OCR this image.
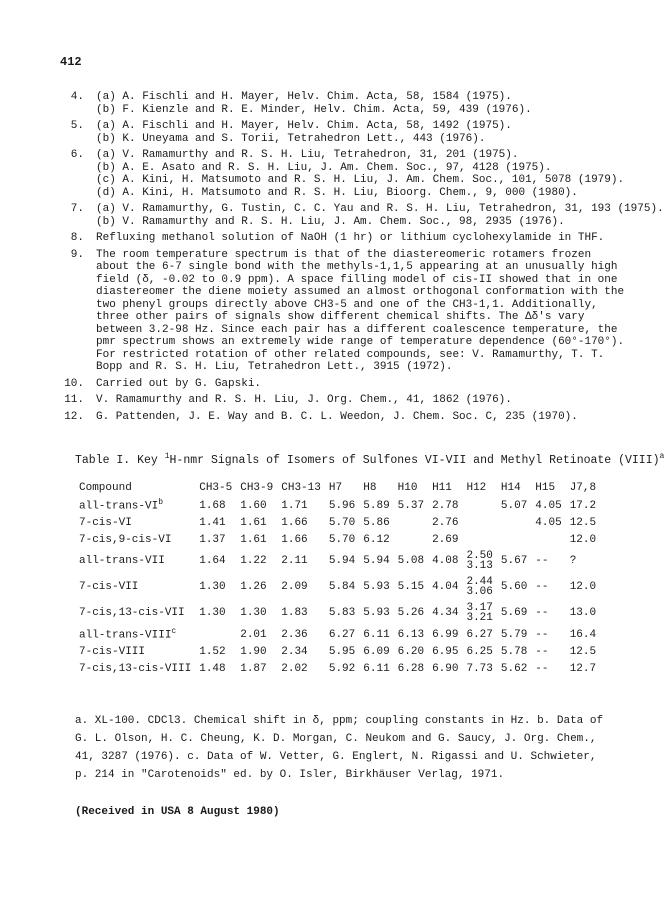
412
4.	(a) A. Fischli and H. Mayer, Helv. Chim. Acta, 58, 1584 (1975).
(b) F. Kienzle and R. E. Minder, Helv. Chim. Acta, 59, 439 (1976).
5.	(a) A. Fischli and H. Mayer, Helv. Chim. Acta, 58, 1492 (1975).
(b) K. Uneyama and S. Torii, Tetrahedron Lett., 443 (1976).
6.	(a) V. Ramamurthy and R. S. H. Liu, Tetrahedron, 31, 201 (1975).
(b) A. E. Asato and R. S. H. Liu, J. Am. Chem. Soc., 97, 4128 (1975).
(c) A. Kini, H. Matsumoto and R. S. H. Liu, J. Am. Chem. Soc., 101, 5078 (1979).
(d) A. Kini, H. Matsumoto and R. S. H. Liu, Bioorg. Chem., 9, 000 (1980).
7.	(a) V. Ramamurthy, G. Tustin, C. C. Yau and R. S. H. Liu, Tetrahedron, 31, 193 (1975).
(b) V. Ramamurthy and R. S. H. Liu, J. Am. Chem. Soc., 98, 2935 (1976).
8.	Refluxing methanol solution of NaOH (1 hr) or lithium cyclohexylamide in THF.
9.	The room temperature spectrum is that of the diastereomeric rotamers frozen about the 6-7 single bond with the methyls-1,1,5 appearing at an unusually high field (δ, -0.02 to 0.9 ppm). A space filling model of cis-II showed that in one diastereomer the diene moiety assumed an almost orthogonal conformation with the two phenyl groups directly above CH3-5 and one of the CH3-1,1. Additionally, three other pairs of signals show different chemical shifts. The Δδ's vary between 3.2-98 Hz. Since each pair has a different coalescence temperature, the pmr spectrum shows an extremely wide range of temperature dependence (60°-170°). For restricted rotation of other related compounds, see: V. Ramamurthy, T. T. Bopp and R. S. H. Liu, Tetrahedron Lett., 3915 (1972).
10.	Carried out by G. Gapski.
11.	V. Ramamurthy and R. S. H. Liu, J. Org. Chem., 41, 1862 (1976).
12.	G. Pattenden, J. E. Way and B. C. L. Weedon, J. Chem. Soc. C, 235 (1970).
Table I. Key $^1$H-nmr Signals of Isomers of Sulfones VI-VII and Methyl Retinoate (VIII)$^a$
Compound	CH3-5	CH3-9	CH3-13	H7	H8	H10	H11	H12	H14	H15	J7,8
all-$trans-VI^b$	1.68	1.60	1.71	5.96	5.89	5.37	2.78		5.07	4.05	17.2
7-cis-VI	1.41	1.61	1.66	5.70	5.86		2.76			4.05	12.5
7-cis,9-cis-VI	1.37	1.61	1.66	5.70	6.12		2.69				12.0
all-trans-VII	1.64	1.22	2.11	5.94	5.94	5.08	4.08	2.50
3.13	5.67	--	?
7-cis-VII	1.30	1.26	2.09	5.84	5.93	5.15	4.04	2.44
3.06	5.60	--	12.0
7-cis,13-cis-VII	1.30	1.30	1.83	5.83	5.93	5.26	4.34	3.17
3.21	5.69	--	13.0
all-trans-VIII$^c$		2.01	2.36	6.27	6.11	6.13	6.99	6.27	5.79	--	16.4
7-cis-VIII	1.52	1.90	2.34	5.95	6.09	6.20	6.95	6.25	5.78	--	12.5
7-cis,13-cis-VIII	1.48	1.87	2.02	5.92	6.11	6.28	6.90	7.73	5.62	--	12.7
a. XL-100. CDCl3. Chemical shift in δ, ppm; coupling constants in Hz. b. Data of G. L. Olson, H. C. Cheung, K. D. Morgan, C. Neukom and G. Saucy, J. Org. Chem., 41, 3287 (1976). c. Data of W. Vetter, G. Englert, N. Rigassi and U. Schwieter, p. 214 in "Carotenoids" ed. by O. Isler, Birkhäuser Verlag, 1971.
(Received in USA 8 August 1980)
